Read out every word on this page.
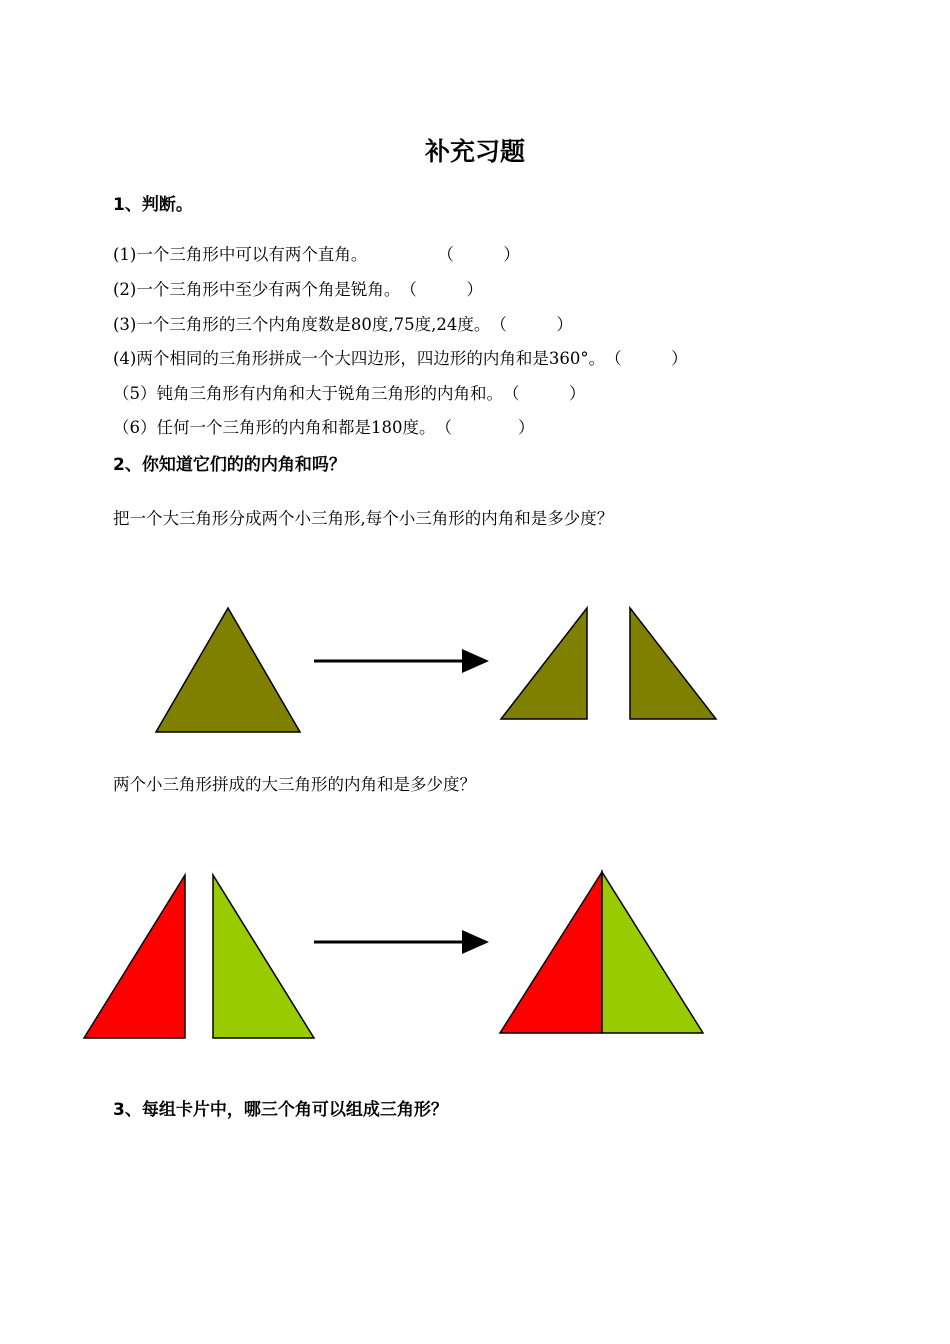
补充习题
1、判断。
(1)一个三角形中可以有两个直角。	（　　　）
(2)一个三角形中至少有两个角是锐角。（　　　）
(3)一个三角形的三个内角度数是80度,75度,24度。（　　　）
(4)两个相同的三角形拼成一个大四边形，四边形的内角和是360°。（　　　）
（5）钝角三角形有内角和大于锐角三角形的内角和。（　　　）
（6）任何一个三角形的内角和都是180度。（　　　　）
2、你知道它们的的内角和吗？
把一个大三角形分成两个小三角形,每个小三角形的内角和是多少度？
两个小三角形拼成的大三角形的内角和是多少度？
3、每组卡片中，哪三个角可以组成三角形？
